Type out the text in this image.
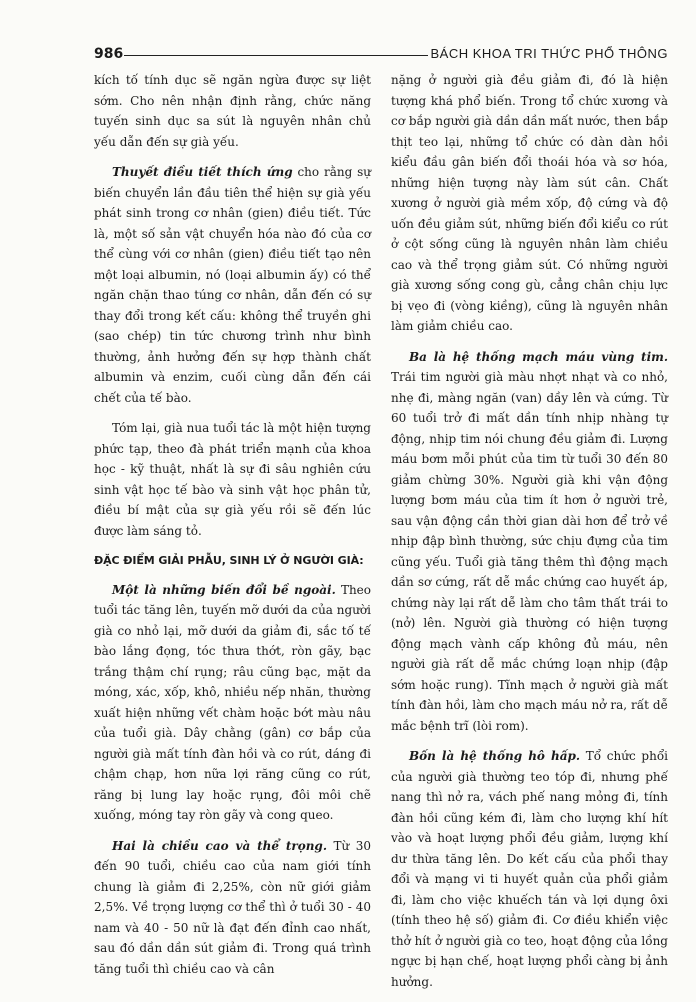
986	BÁCH KHOA TRI THỨC PHỔ THÔNG

kích tố tính dục sẽ ngăn ngừa được sự liệt sớm. Cho nên nhận định rằng, chức năng tuyến sinh dục sa sút là nguyên nhân chủ yếu dẫn đến sự già yếu.

Thuyết điều tiết thích ứng cho rằng sự biến chuyển lần đầu tiên thể hiện sự già yếu phát sinh trong cơ nhân (gien) điều tiết. Tức là, một số sản vật chuyển hóa nào đó của cơ thể cùng với cơ nhân (gien) điều tiết tạo nên một loại albumin, nó (loại albumin ấy) có thể ngăn chặn thao túng cơ nhân, dẫn đến có sự thay đổi trong kết cấu: không thể truyền ghi (sao chép) tin tức chương trình như bình thường, ảnh hưởng đến sự hợp thành chất albumin và enzim, cuối cùng dẫn đến cái chết của tế bào.

Tóm lại, già nua tuổi tác là một hiện tượng phức tạp, theo đà phát triển mạnh của khoa học - kỹ thuật, nhất là sự đi sâu nghiên cứu sinh vật học tế bào và sinh vật học phân tử, điều bí mật của sự già yếu rồi sẽ đến lúc được làm sáng tỏ.

ĐẶC ĐIỂM GIẢI PHẪU, SINH LÝ Ở NGƯỜI GIÀ:

Một là những biến đổi bề ngoài. Theo tuổi tác tăng lên, tuyến mỡ dưới da của người già co nhỏ lại, mỡ dưới da giảm đi, sắc tố tế bào lắng đọng, tóc thưa thớt, ròn gãy, bạc trắng thậm chí rụng; râu cũng bạc, mặt da móng, xác, xốp, khô, nhiều nếp nhăn, thường xuất hiện những vết chàm hoặc bớt màu nâu của tuổi già. Dây chằng (gân) cơ bắp của người già mất tính đàn hồi và co rút, dáng đi chậm chạp, hơn nữa lợi răng cũng co rút, răng bị lung lay hoặc rụng, đôi môi chẽ xuống, móng tay ròn gãy và cong queo.

Hai là chiều cao và thể trọng. Từ 30 đến 90 tuổi, chiều cao của nam giới tính chung là giảm đi 2,25%, còn nữ giới giảm 2,5%. Về trọng lượng cơ thể thì ở tuổi 30 - 40 nam và 40 - 50 nữ là đạt đến đỉnh cao nhất, sau đó dần dần sút giảm đi. Trong quá trình tăng tuổi thì chiều cao và cân

nặng ở người già đều giảm đi, đó là hiện tượng khá phổ biến. Trong tổ chức xương và cơ bắp người già dần dần mất nước, then bắp thịt teo lại, những tổ chức có dàn dàn hồi kiểu đầu gân biến đổi thoái hóa và sơ hóa, những hiện tượng này làm sút cân. Chất xương ở người già mềm xốp, độ cứng và độ uốn đều giảm sút, những biến đổi kiểu co rút ở cột sống cũng là nguyên nhân làm chiều cao và thể trọng giảm sút. Có những người già xương sống cong gù, cẳng chân chịu lực bị vẹo đi (vòng kiềng), cũng là nguyên nhân làm giảm chiều cao.

Ba là hệ thống mạch máu vùng tim. Trái tim người già màu nhợt nhạt và co nhỏ, nhẹ đi, màng ngăn (van) dầy lên và cứng. Từ 60 tuổi trở đi mất dần tính nhịp nhàng tự động, nhịp tim nói chung đều giảm đi. Lượng máu bơm mỗi phút của tim từ tuổi 30 đến 80 giảm chừng 30%. Người già khi vận động lượng bơm máu của tim ít hơn ở người trẻ, sau vận động cần thời gian dài hơn để trở về nhịp đập bình thường, sức chịu đựng của tim cũng yếu. Tuổi già tăng thêm thì động mạch dần sơ cứng, rất dễ mắc chứng cao huyết áp, chứng này lại rất dễ làm cho tâm thất trái to (nở) lên. Người già thường có hiện tượng động mạch vành cấp không đủ máu, nên người già rất dễ mắc chứng loạn nhịp (đập sớm hoặc rung). Tĩnh mạch ở người già mất tính đàn hồi, làm cho mạch máu nở ra, rất dễ mắc bệnh trĩ (lòi rom).

Bốn là hệ thống hô hấp. Tổ chức phổi của người già thường teo tóp đi, nhưng phế nang thì nở ra, vách phế nang mỏng đi, tính đàn hồi cũng kém đi, làm cho lượng khí hít vào và hoạt lượng phổi đều giảm, lượng khí dư thừa tăng lên. Do kết cấu của phổi thay đổi và mạng vi ti huyết quản của phổi giảm đi, làm cho việc khuếch tán và lợi dụng ôxi (tính theo hệ số) giảm đi. Cơ điều khiển việc thở hít ở người già co teo, hoạt động của lồng ngực bị hạn chế, hoạt lượng phổi càng bị ảnh hưởng.
